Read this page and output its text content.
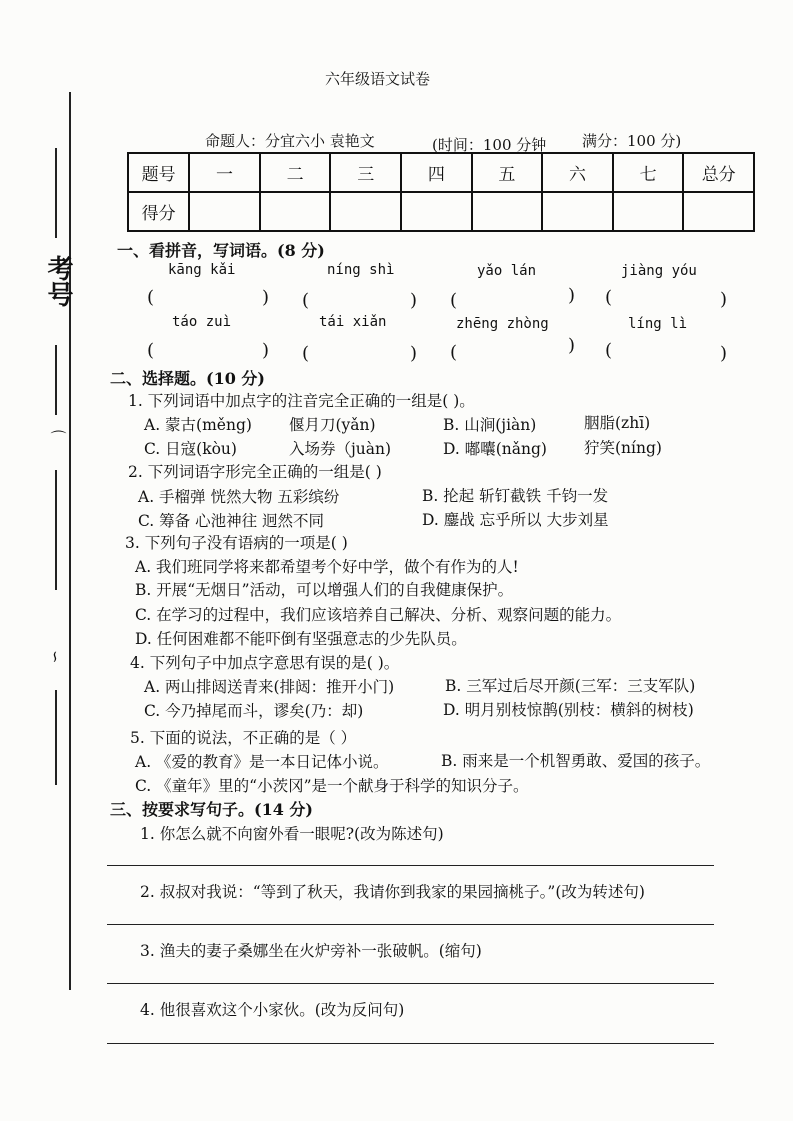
考号
⌒
∽
六年级语文试卷
命题人：分宜六小 袁艳文	(时间：100 分钟 满分：100 分)
题号	一	二	三	四	五	六	七	总分
得分								
一、看拼音，写词语。(8 分)
kāng kǎi	níng shì	yǎo lán	jiàng yóu
(	) (	) (	) (	)
táo zuì	tái xiǎn	zhēng zhòng	líng lì
(	) (	) (	) (	)
二、选择题。(10 分)
1. 下列词语中加点字的注音完全正确的一组是( )。
A. 蒙古(měng) 偃月刀(yǎn)	B. 山涧(jiàn)	胭脂(zhī)
C. 日寇(kòu)	入场券（juàn)	D. 嘟囔(nǎng) 狞笑(níng)
2. 下列词语字形完全正确的一组是( )
A. 手榴弹 恍然大物 五彩缤纷	B. 抡起 斩钉截铁 千钧一发
C. 筹备 心池神往 迥然不同	D. 鏖战 忘乎所以 大步刘星
3. 下列句子没有语病的一项是( )
A. 我们班同学将来都希望考个好中学，做个有作为的人!
B. 开展“无烟日”活动，可以增强人们的自我健康保护。
C. 在学习的过程中，我们应该培养自己解决、分析、观察问题的能力。
D. 任何困难都不能吓倒有坚强意志的少先队员。
4. 下列句子中加点字意思有误的是( )。
A. 两山排闼送青来(排闼：推开小门)	B. 三军过后尽开颜(三军：三支军队)
C. 今乃掉尾而斗，谬矣(乃：却)	D. 明月别枝惊鹊(别枝：横斜的树枝)
5. 下面的说法，不正确的是（ ）
A. 《爱的教育》是一本日记体小说。	B. 雨来是一个机智勇敢、爱国的孩子。
C. 《童年》里的“小茨冈”是一个献身于科学的知识分子。
三、按要求写句子。(14 分)
1. 你怎么就不向窗外看一眼呢?(改为陈述句)
2. 叔叔对我说：“等到了秋天，我请你到我家的果园摘桃子。”(改为转述句)
3. 渔夫的妻子桑娜坐在火炉旁补一张破帆。(缩句)
4. 他很喜欢这个小家伙。(改为反问句)
